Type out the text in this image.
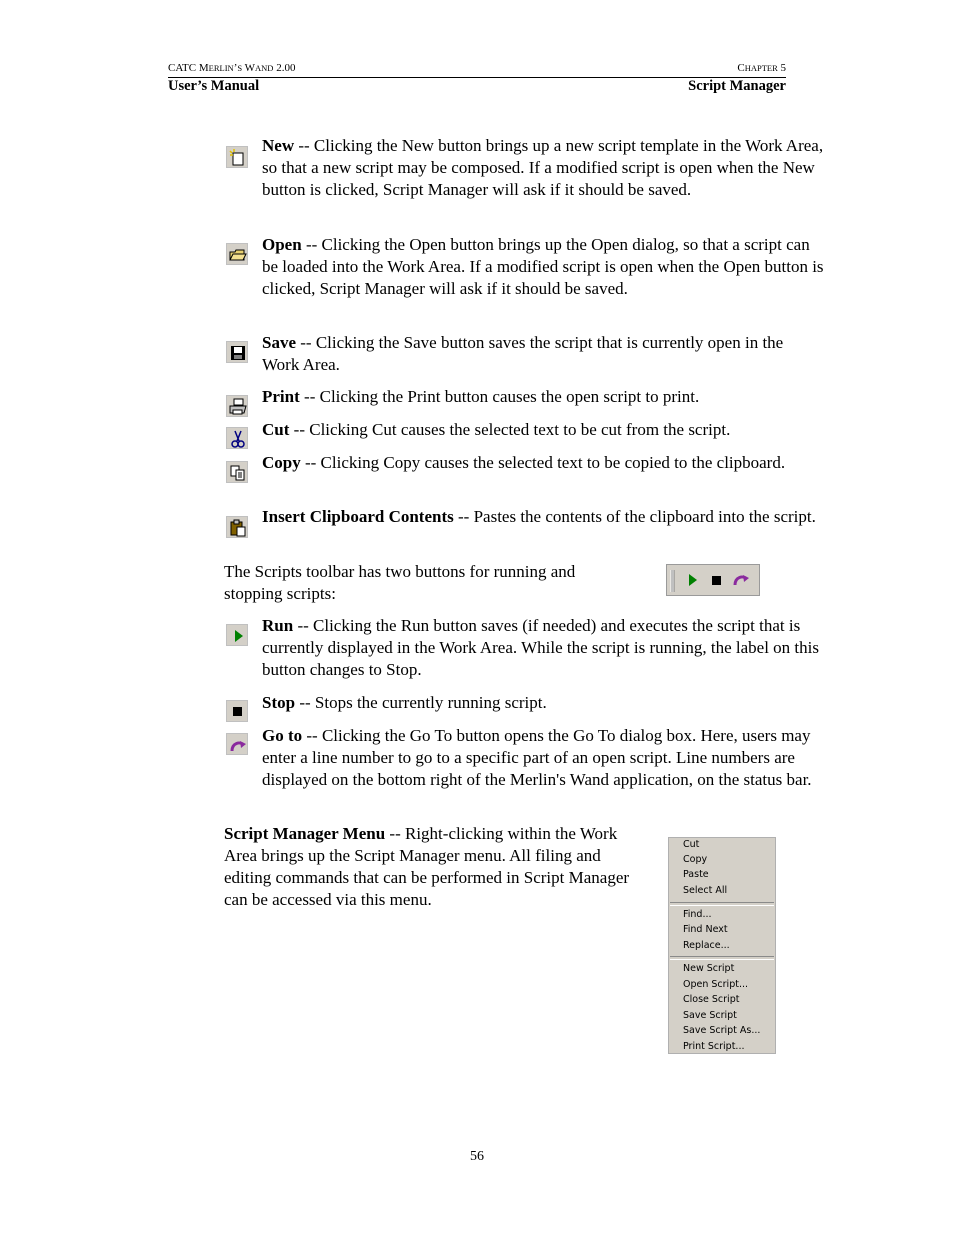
CATC MERLIN’S WAND 2.00	CHAPTER 5
User’s Manual	Script Manager
New -- Clicking the New button brings up a new script template in the Work Area, so that a new script may be composed. If a modified script is open when the New button is clicked, Script Manager will ask if it should be saved.
Open -- Clicking the Open button brings up the Open dialog, so that a script can be loaded into the Work Area. If a modified script is open when the Open button is clicked, Script Manager will ask if it should be saved.
Save -- Clicking the Save button saves the script that is currently open in the Work Area.
Print -- Clicking the Print button causes the open script to print.
Cut -- Clicking Cut causes the selected text to be cut from the script.
Copy -- Clicking Copy causes the selected text to be copied to the clipboard.
Insert Clipboard Contents -- Pastes the contents of the clipboard into the script.
The Scripts toolbar has two buttons for running and stopping scripts:
Run -- Clicking the Run button saves (if needed) and executes the script that is currently displayed in the Work Area. While the script is running, the label on this button changes to Stop.
Stop -- Stops the currently running script.
Go to -- Clicking the Go To button opens the Go To dialog box. Here, users may enter a line number to go to a specific part of an open script. Line numbers are displayed on the bottom right of the Merlin's Wand application, on the status bar.
Script Manager Menu -- Right-clicking within the Work Area brings up the Script Manager menu. All filing and editing commands that can be performed in Script Manager can be accessed via this menu.
Cut
Copy
Paste
Select All
Find...
Find Next
Replace...
New Script
Open Script...
Close Script
Save Script
Save Script As...
Print Script...
56
